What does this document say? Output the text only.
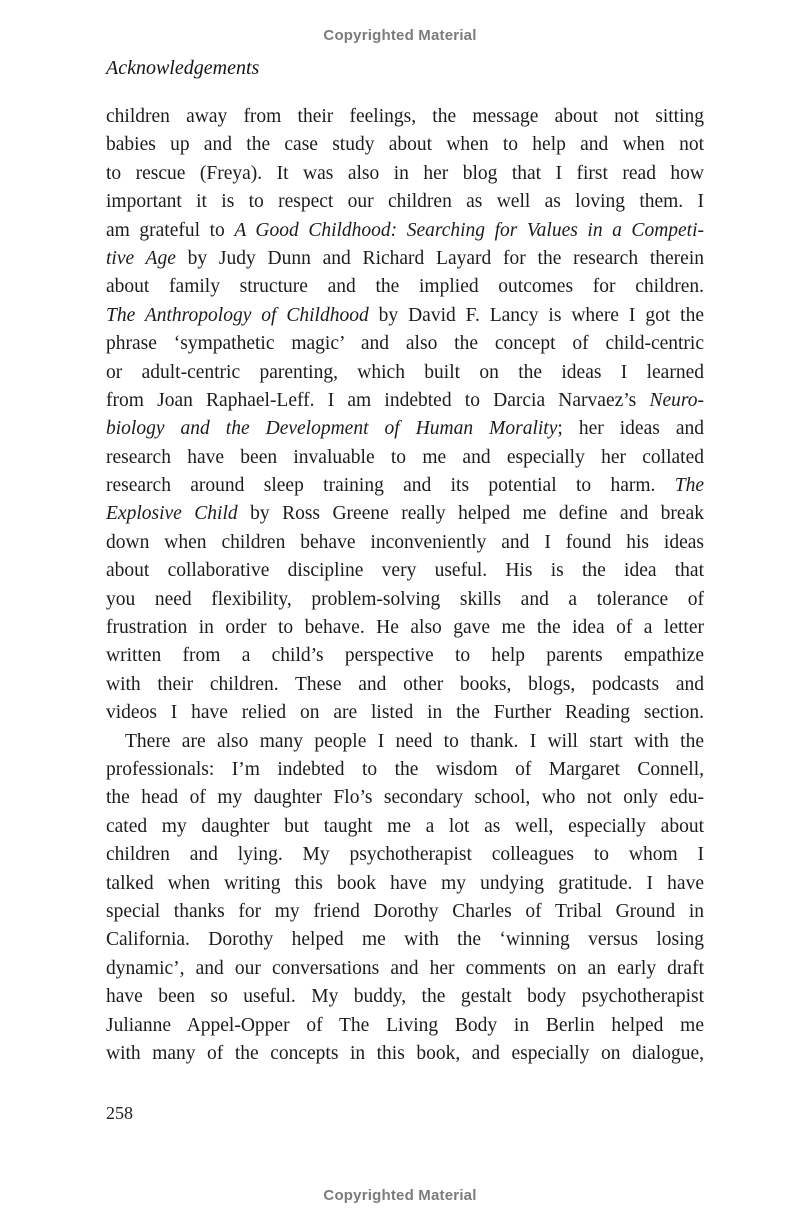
Copyrighted Material
Acknowledgements
children away from their feelings, the message about not sitting
babies up and the case study about when to help and when not
to rescue (Freya). It was also in her blog that I first read how
important it is to respect our children as well as loving them. I
am grateful to A Good Childhood: Searching for Values in a Competi-
tive Age by Judy Dunn and Richard Layard for the research therein
about family structure and the implied outcomes for children.
The Anthropology of Childhood by David F. Lancy is where I got the
phrase ‘sympathetic magic’ and also the concept of child-centric
or adult-centric parenting, which built on the ideas I learned
from Joan Raphael-Leff. I am indebted to Darcia Narvaez’s Neuro-
biology and the Development of Human Morality; her ideas and
research have been invaluable to me and especially her collated
research around sleep training and its potential to harm. The
Explosive Child by Ross Greene really helped me define and break
down when children behave inconveniently and I found his ideas
about collaborative discipline very useful. His is the idea that
you need flexibility, problem-solving skills and a tolerance of
frustration in order to behave. He also gave me the idea of a letter
written from a child’s perspective to help parents empathize
with their children. These and other books, blogs, podcasts and
videos I have relied on are listed in the Further Reading section.
There are also many people I need to thank. I will start with the
professionals: I’m indebted to the wisdom of Margaret Connell,
the head of my daughter Flo’s secondary school, who not only edu-
cated my daughter but taught me a lot as well, especially about
children and lying. My psychotherapist colleagues to whom I
talked when writing this book have my undying gratitude. I have
special thanks for my friend Dorothy Charles of Tribal Ground in
California. Dorothy helped me with the ‘winning versus losing
dynamic’, and our conversations and her comments on an early draft
have been so useful. My buddy, the gestalt body psychotherapist
Julianne Appel-Opper of The Living Body in Berlin helped me
with many of the concepts in this book, and especially on dialogue,
258
Copyrighted Material
